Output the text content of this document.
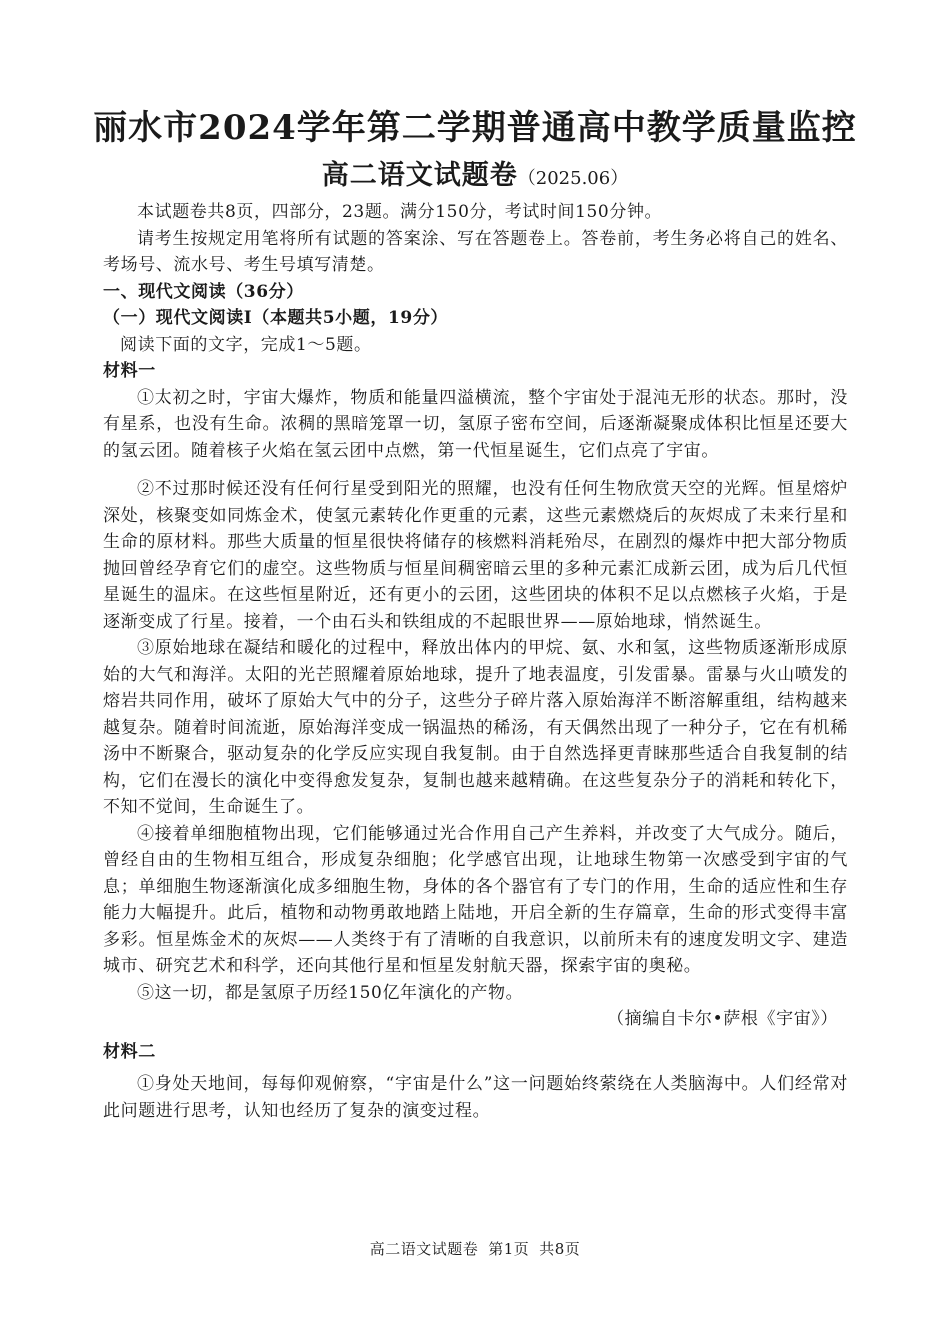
丽水市2024学年第二学期普通高中教学质量监控
高二语文试题卷（2025.06）

本试题卷共8页，四部分，23题。满分150分，考试时间150分钟。

请考生按规定用笔将所有试题的答案涂、写在答题卷上。答卷前，考生务必将自己的姓名、考场号、流水号、考生号填写清楚。

一、现代文阅读（36分）

（一）现代文阅读Ⅰ（本题共5小题，19分）

阅读下面的文字，完成1～5题。

材料一

①太初之时，宇宙大爆炸，物质和能量四溢横流，整个宇宙处于混沌无形的状态。那时，没有星系，也没有生命。浓稠的黑暗笼罩一切，氢原子密布空间，后逐渐凝聚成体积比恒星还要大的氢云团。随着核子火焰在氢云团中点燃，第一代恒星诞生，它们点亮了宇宙。

②不过那时候还没有任何行星受到阳光的照耀，也没有任何生物欣赏天空的光辉。恒星熔炉深处，核聚变如同炼金术，使氢元素转化作更重的元素，这些元素燃烧后的灰烬成了未来行星和生命的原材料。那些大质量的恒星很快将储存的核燃料消耗殆尽，在剧烈的爆炸中把大部分物质抛回曾经孕育它们的虚空。这些物质与恒星间稠密暗云里的多种元素汇成新云团，成为后几代恒星诞生的温床。在这些恒星附近，还有更小的云团，这些团块的体积不足以点燃核子火焰，于是逐渐变成了行星。接着，一个由石头和铁组成的不起眼世界——原始地球，悄然诞生。

③原始地球在凝结和暖化的过程中，释放出体内的甲烷、氨、水和氢，这些物质逐渐形成原始的大气和海洋。太阳的光芒照耀着原始地球，提升了地表温度，引发雷暴。雷暴与火山喷发的熔岩共同作用，破坏了原始大气中的分子，这些分子碎片落入原始海洋不断溶解重组，结构越来越复杂。随着时间流逝，原始海洋变成一锅温热的稀汤，有天偶然出现了一种分子，它在有机稀汤中不断聚合，驱动复杂的化学反应实现自我复制。由于自然选择更青睐那些适合自我复制的结构，它们在漫长的演化中变得愈发复杂，复制也越来越精确。在这些复杂分子的消耗和转化下，不知不觉间，生命诞生了。

④接着单细胞植物出现，它们能够通过光合作用自己产生养料，并改变了大气成分。随后，曾经自由的生物相互组合，形成复杂细胞；化学感官出现，让地球生物第一次感受到宇宙的气息；单细胞生物逐渐演化成多细胞生物，身体的各个器官有了专门的作用，生命的适应性和生存能力大幅提升。此后，植物和动物勇敢地踏上陆地，开启全新的生存篇章，生命的形式变得丰富多彩。恒星炼金术的灰烬——人类终于有了清晰的自我意识，以前所未有的速度发明文字、建造城市、研究艺术和科学，还向其他行星和恒星发射航天器，探索宇宙的奥秘。

⑤这一切，都是氢原子历经150亿年演化的产物。

（摘编自卡尔•萨根《宇宙》）

材料二

①身处天地间，每每仰观俯察，“宇宙是什么”这一问题始终萦绕在人类脑海中。人们经常对此问题进行思考，认知也经历了复杂的演变过程。

高二语文试题卷 第1页 共8页
